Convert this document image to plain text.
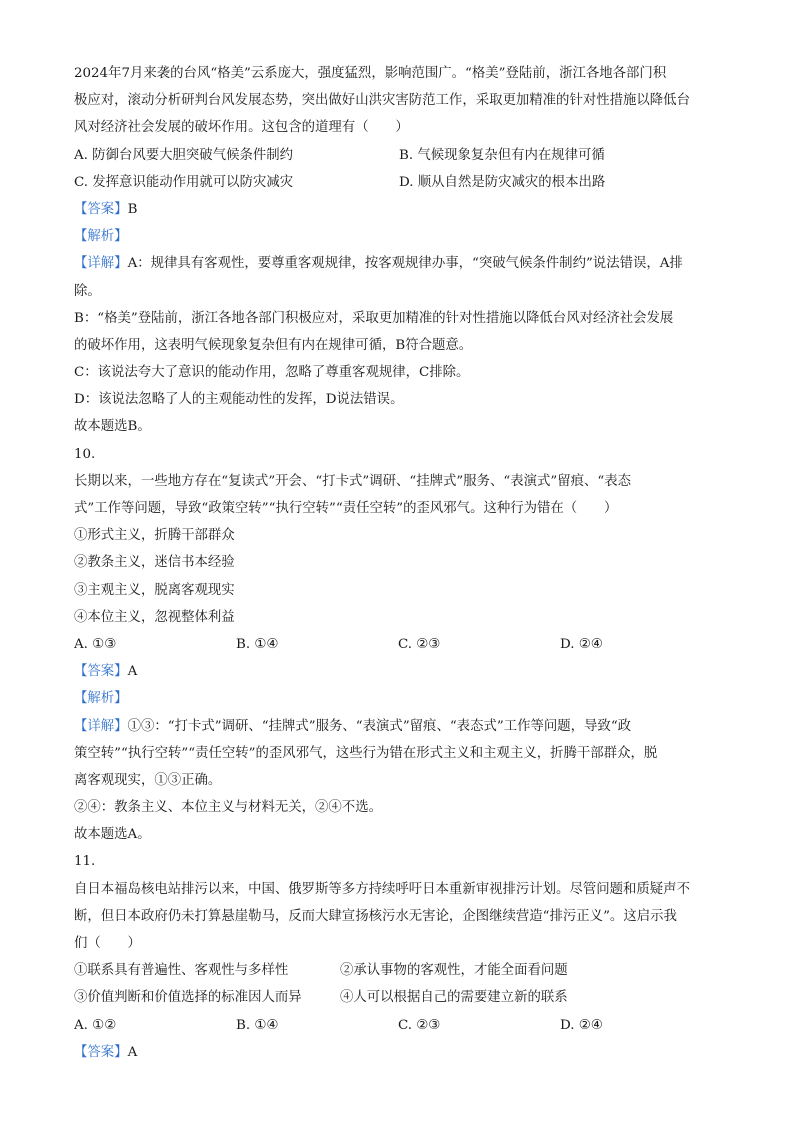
2024年7月来袭的台风“格美”云系庞大，强度猛烈，影响范围广。“格美”登陆前，浙江各地各部门积
极应对，滚动分析研判台风发展态势，突出做好山洪灾害防范工作，采取更加精准的针对性措施以降低台
风对经济社会发展的破坏作用。这包含的道理有（　　）
A. 防御台风要大胆突破气候条件制约	B. 气候现象复杂但有内在规律可循
C. 发挥意识能动作用就可以防灾减灾	D. 顺从自然是防灾减灾的根本出路
【答案】B
【解析】
【详解】A：规律具有客观性，要尊重客观规律，按客观规律办事，“突破气候条件制约”说法错误，A排
除。
B：“格美”登陆前，浙江各地各部门积极应对，采取更加精准的针对性措施以降低台风对经济社会发展
的破坏作用，这表明气候现象复杂但有内在规律可循，B符合题意。
C：该说法夸大了意识的能动作用，忽略了尊重客观规律，C排除。
D：该说法忽略了人的主观能动性的发挥，D说法错误。
故本题选B。
10.
长期以来，一些地方存在“复读式”开会、“打卡式”调研、“挂牌式”服务、“表演式”留痕、“表态
式”工作等问题，导致“政策空转”“执行空转”“责任空转”的歪风邪气。这种行为错在（　　）
①形式主义，折腾干部群众
②教条主义，迷信书本经验
③主观主义，脱离客观现实
④本位主义，忽视整体利益
A. ①③	B. ①④	C. ②③	D. ②④
【答案】A
【解析】
【详解】①③：“打卡式”调研、“挂牌式”服务、“表演式”留痕、“表态式”工作等问题，导致“政
策空转”“执行空转”“责任空转”的歪风邪气，这些行为错在形式主义和主观主义，折腾干部群众，脱
离客观现实，①③正确。
②④：教条主义、本位主义与材料无关，②④不选。
故本题选A。
11.
自日本福岛核电站排污以来，中国、俄罗斯等多方持续呼吁日本重新审视排污计划。尽管问题和质疑声不
断，但日本政府仍未打算悬崖勒马，反而大肆宣扬核污水无害论，企图继续营造“排污正义”。这启示我
们（　　）
①联系具有普遍性、客观性与多样性	②承认事物的客观性，才能全面看问题
③价值判断和价值选择的标准因人而异	④人可以根据自己的需要建立新的联系
A. ①②	B. ①④	C. ②③	D. ②④
【答案】A
